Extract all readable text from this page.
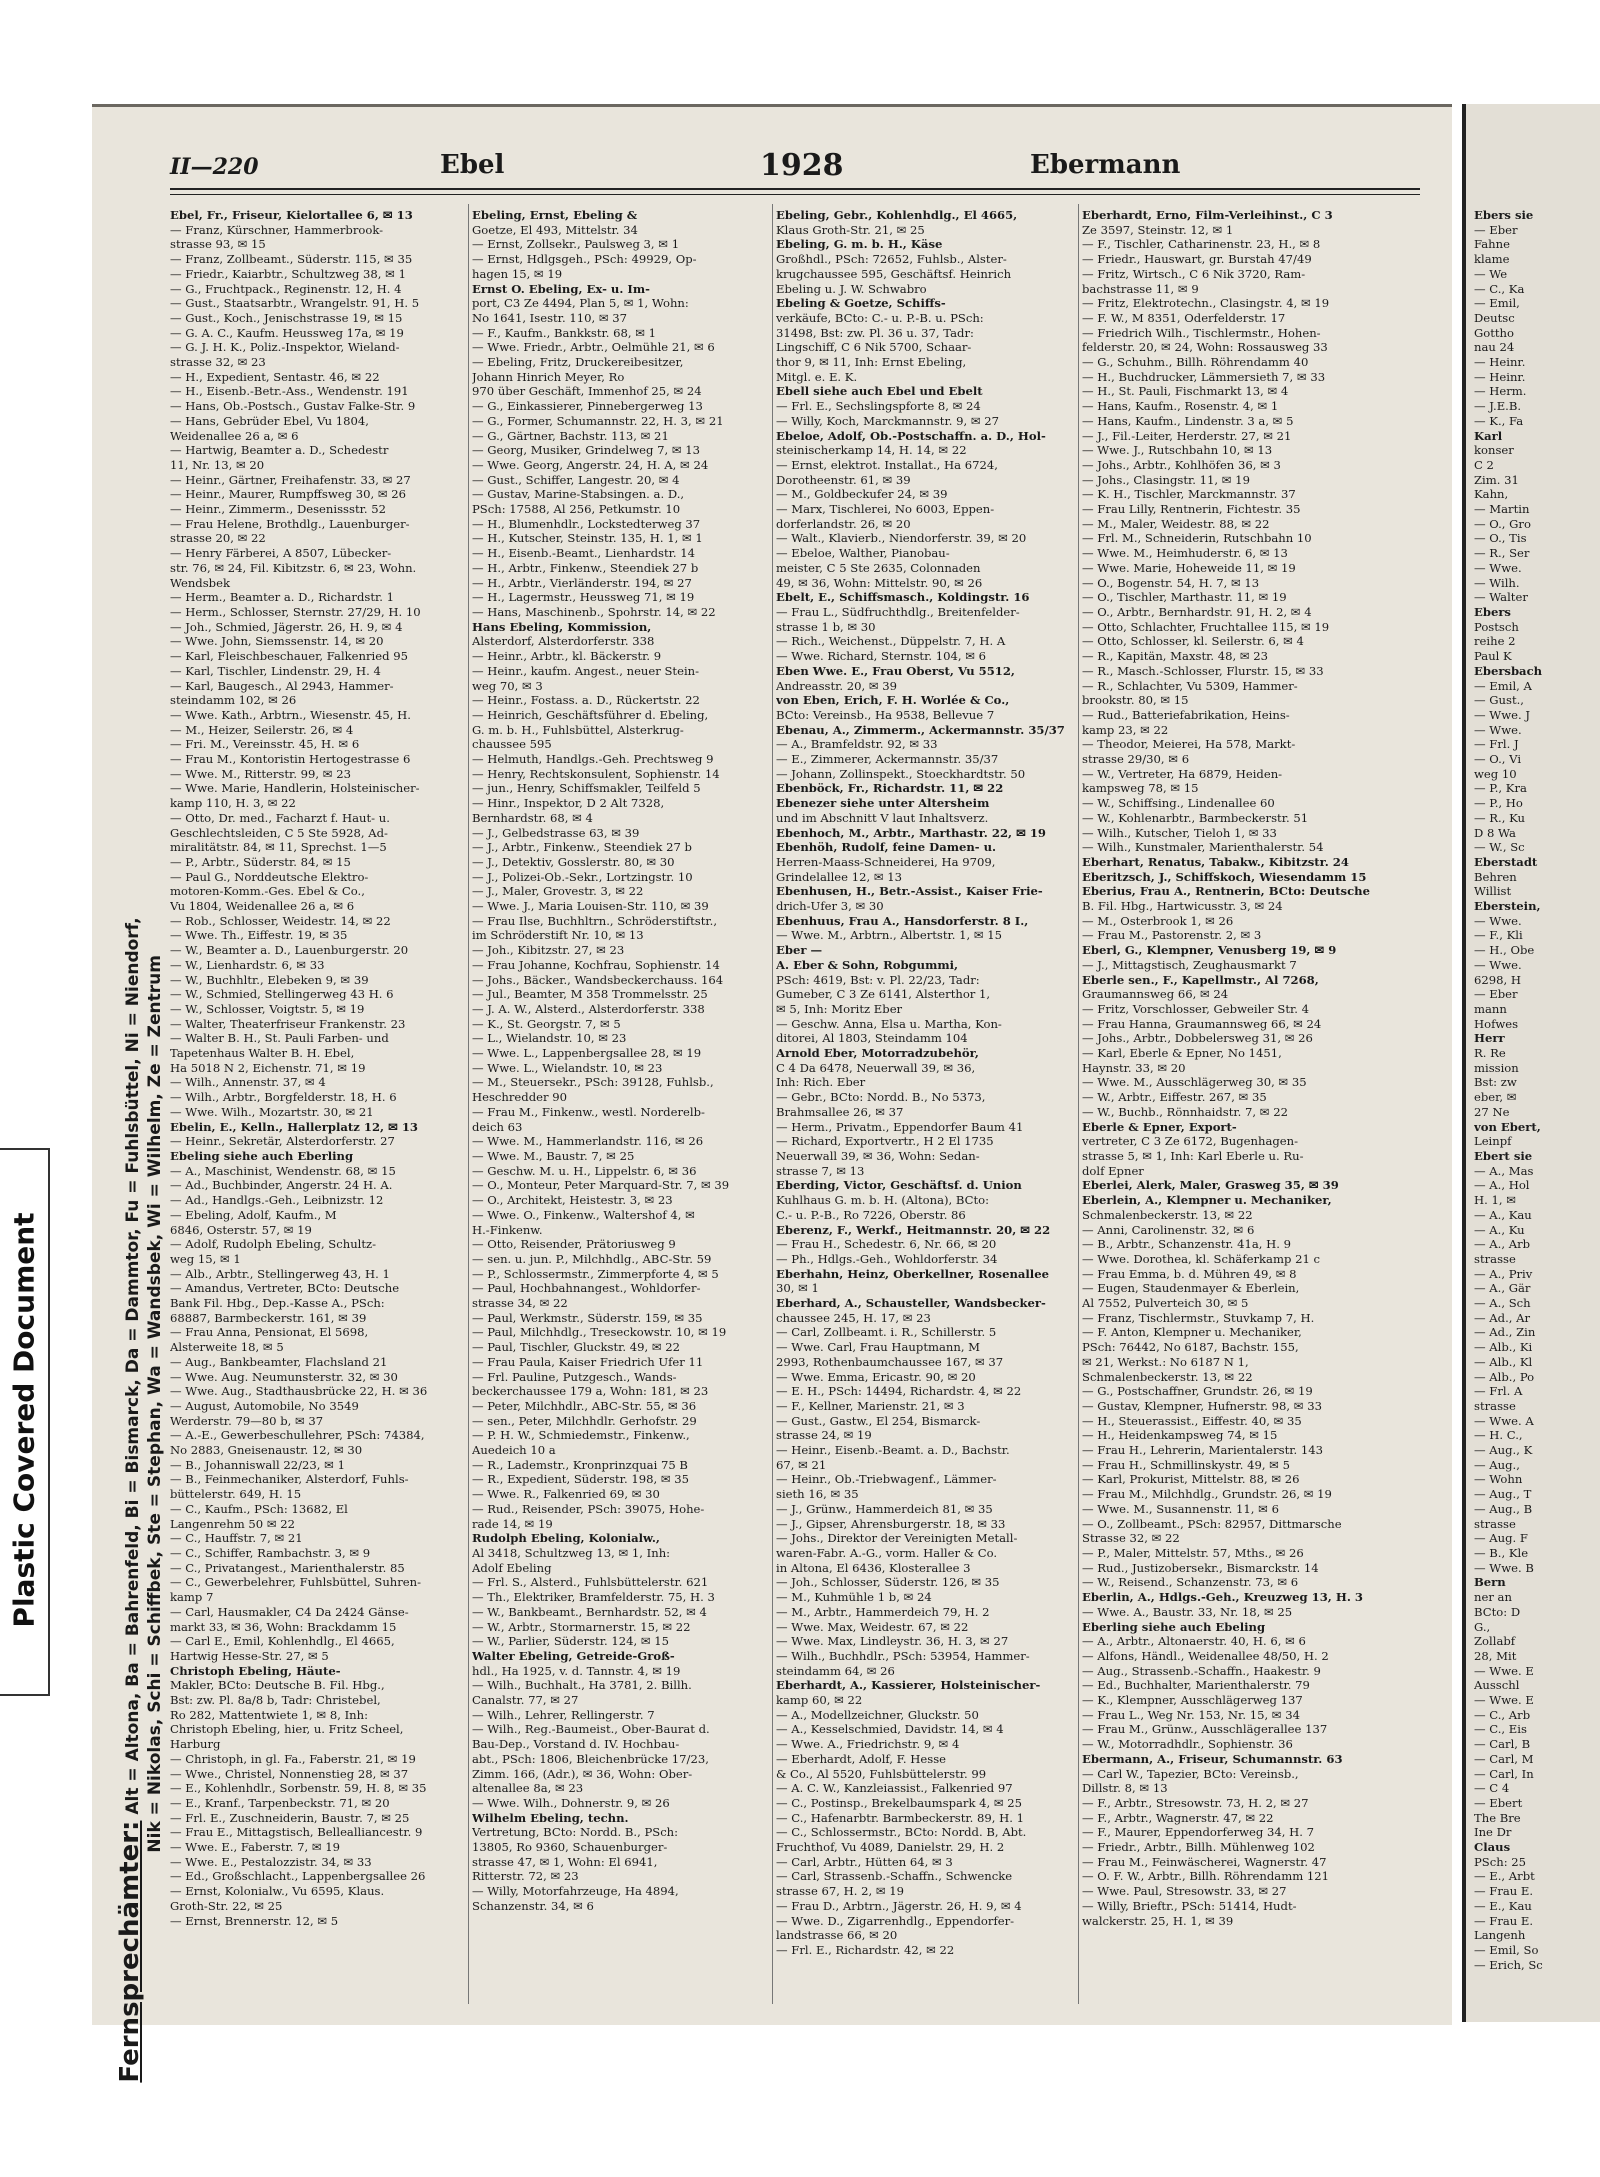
Plastic Covered Document
Ebers sie
— Eber
Fahne
klame
— We
— C., Ka
— Emil,
Deutsc
Gottho
nau 24
— Heinr.
— Heinr.
— Herm.
— J.E.B.
— K., Fa
Karl
konser
C 2
Zim. 31
Kahn,
— Martin
— O., Gro
— O., Tis
— R., Ser
— Wwe.
— Wilh.
— Walter
Ebers
Postsch
reihe 2
Paul K
Ebersbach
— Emil, A
— Gust.,
— Wwe. J
— Wwe.
— Frl. J
— O., Vi
weg 10
— P., Kra
— P., Ho
— R., Ku
D 8 Wa
— W., Sc
Eberstadt
Behren
Willist
Eberstein,
— Wwe.
— F., Kli
— H., Obe
— Wwe.
6298, H
— Eber
mann
Hofwes
Herr
R. Re
mission
Bst: zw
eber, ✉
27 Ne
von Ebert,
Leinpf
Ebert sie
— A., Mas
— A., Hol
H. 1, ✉
— A., Kau
— A., Ku
— A., Arb
strasse
— A., Priv
— A., Gär
— A., Sch
— Ad., Ar
— Ad., Zin
— Alb., Ki
— Alb., Kl
— Alb., Po
— Frl. A
strasse
— Wwe. A
— H. C.,
— Aug., K
— Aug.,
— Wohn
— Aug., T
— Aug., B
strasse
— Aug. F
— B., Kle
— Wwe. B
Bern
ner an
BCto: D
G.,
Zollabf
28, Mit
— Wwe. E
Ausschl
— Wwe. E
— C., Arb
— C., Eis
— Carl, B
— Carl, M
— Carl, In
— C 4
— Ebert
The Bre
Ine Dr
Claus
PSch: 25
— E., Arbt
— Frau E.
— E., Kau
— Frau E.
Langenh
— Emil, So
— Erich, Sc
II—220	Ebel	1928	Ebermann
Fernsprechämter: Alt = Altona, Ba = Bahrenfeld, Bi = Bismarck, Da = Dammtor, Fu = Fuhlsbüttel, Ni = Niendorf, Nik = Nikolas, Schi = Schiffbek, Ste = Stephan, Wa = Wandsbek, Wi = Wilhelm, Ze = Zentrum
Ebel, Fr., Friseur, Kielortallee 6, ✉ 13
— Franz, Kürschner, Hammerbrook-
strasse 93, ✉ 15
— Franz, Zollbeamt., Süderstr. 115, ✉ 35
— Friedr., Kaiarbtr., Schultzweg 38, ✉ 1
— G., Fruchtpack., Reginenstr. 12, H. 4
— Gust., Staatsarbtr., Wrangelstr. 91, H. 5
— Gust., Koch., Jenischstrasse 19, ✉ 15
— G. A. C., Kaufm. Heussweg 17a, ✉ 19
— G. J. H. K., Poliz.-Inspektor, Wieland-
strasse 32, ✉ 23
— H., Expedient, Sentastr. 46, ✉ 22
— H., Eisenb.-Betr.-Ass., Wendenstr. 191
— Hans, Ob.-Postsch., Gustav Falke-Str. 9
— Hans, Gebrüder Ebel, Vu 1804,
Weidenallee 26 a, ✉ 6
— Hartwig, Beamter a. D., Schedestr
11, Nr. 13, ✉ 20
— Heinr., Gärtner, Freihafenstr. 33, ✉ 27
— Heinr., Maurer, Rumpffsweg 30, ✉ 26
— Heinr., Zimmerm., Desenissstr. 52
— Frau Helene, Brothdlg., Lauenburger-
strasse 20, ✉ 22
— Henry Färberei, A 8507, Lübecker-
str. 76, ✉ 24, Fil. Kibitzstr. 6, ✉ 23, Wohn.
Wendsbek
— Herm., Beamter a. D., Richardstr. 1
— Herm., Schlosser, Sternstr. 27/29, H. 10
— Joh., Schmied, Jägerstr. 26, H. 9, ✉ 4
— Wwe. John, Siemssenstr. 14, ✉ 20
— Karl, Fleischbeschauer, Falkenried 95
— Karl, Tischler, Lindenstr. 29, H. 4
— Karl, Baugesch., Al 2943, Hammer-
steindamm 102, ✉ 26
— Wwe. Kath., Arbtrn., Wiesenstr. 45, H.
— M., Heizer, Seilerstr. 26, ✉ 4
— Fri. M., Vereinsstr. 45, H. ✉ 6
— Frau M., Kontoristin Hertogestrasse 6
— Wwe. M., Ritterstr. 99, ✉ 23
— Wwe. Marie, Handlerin, Holsteinischer-
kamp 110, H. 3, ✉ 22
— Otto, Dr. med., Facharzt f. Haut- u.
Geschlechtsleiden, C 5 Ste 5928, Ad-
miralitätstr. 84, ✉ 11, Sprechst. 1—5
— P., Arbtr., Süderstr. 84, ✉ 15
— Paul G., Norddeutsche Elektro-
motoren-Komm.-Ges. Ebel & Co.,
Vu 1804, Weidenallee 26 a, ✉ 6
— Rob., Schlosser, Weidestr. 14, ✉ 22
— Wwe. Th., Eiffestr. 19, ✉ 35
— W., Beamter a. D., Lauenburgerstr. 20
— W., Lienhardstr. 6, ✉ 33
— W., Buchhltr., Elebeken 9, ✉ 39
— W., Schmied, Stellingerweg 43 H. 6
— W., Schlosser, Voigtstr. 5, ✉ 19
— Walter, Theaterfriseur Frankenstr. 23
— Walter B. H., St. Pauli Farben- und
Tapetenhaus Walter B. H. Ebel,
Ha 5018 N 2, Eichenstr. 71, ✉ 19
— Wilh., Annenstr. 37, ✉ 4
— Wilh., Arbtr., Borgfelderstr. 18, H. 6
— Wwe. Wilh., Mozartstr. 30, ✉ 21
Ebelin, E., Kelln., Hallerplatz 12, ✉ 13
— Heinr., Sekretär, Alsterdorferstr. 27
Ebeling siehe auch Eberling
— A., Maschinist, Wendenstr. 68, ✉ 15
— Ad., Buchbinder, Angerstr. 24 H. A.
— Ad., Handlgs.-Geh., Leibnizstr. 12
— Ebeling, Adolf, Kaufm., M
6846, Osterstr. 57, ✉ 19
— Adolf, Rudolph Ebeling, Schultz-
weg 15, ✉ 1
— Alb., Arbtr., Stellingerweg 43, H. 1
— Amandus, Vertreter, BCto: Deutsche
Bank Fil. Hbg., Dep.-Kasse A., PSch:
68887, Barmbeckerstr. 161, ✉ 39
— Frau Anna, Pensionat, El 5698,
Alsterweite 18, ✉ 5
— Aug., Bankbeamter, Flachsland 21
— Wwe. Aug. Neumunsterstr. 32, ✉ 30
— Wwe. Aug., Stadthausbrücke 22, H. ✉ 36
— August, Automobile, No 3549
Werderstr. 79—80 b, ✉ 37
— A.-E., Gewerbeschullehrer, PSch: 74384,
No 2883, Gneisenaustr. 12, ✉ 30
— B., Johanniswall 22/23, ✉ 1
— B., Feinmechaniker, Alsterdorf, Fuhls-
büttelerstr. 649, H. 15
— C., Kaufm., PSch: 13682, El
Langenrehm 50 ✉ 22
— C., Hauffstr. 7, ✉ 21
— C., Schiffer, Rambachstr. 3, ✉ 9
— C., Privatangest., Marienthalerstr. 85
— C., Gewerbelehrer, Fuhlsbüttel, Suhren-
kamp 7
— Carl, Hausmakler, C4 Da 2424 Gänse-
markt 33, ✉ 36, Wohn: Brackdamm 15
— Carl E., Emil, Kohlenhdlg., El 4665,
Hartwig Hesse-Str. 27, ✉ 5
Christoph Ebeling, Häute-
Makler, BCto: Deutsche B. Fil. Hbg.,
Bst: zw. Pl. 8a/8 b, Tadr: Christebel,
Ro 282, Mattentwiete 1, ✉ 8, Inh:
Christoph Ebeling, hier, u. Fritz Scheel,
Harburg
— Christoph, in gl. Fa., Faberstr. 21, ✉ 19
— Wwe., Christel, Nonnenstieg 28, ✉ 37
— E., Kohlenhdlr., Sorbenstr. 59, H. 8, ✉ 35
— E., Kranf., Tarpenbeckstr. 71, ✉ 20
— Frl. E., Zuschneiderin, Baustr. 7, ✉ 25
— Frau E., Mittagstisch, Bellealliancestr. 9
— Wwe. E., Faberstr. 7, ✉ 19
— Wwe. E., Pestalozzistr. 34, ✉ 33
— Ed., Großschlacht., Lappenbergsallee 26
— Ernst, Kolonialw., Vu 6595, Klaus.
Groth-Str. 22, ✉ 25
— Ernst, Brennerstr. 12, ✉ 5
Ebeling, Ernst, Ebeling &
Goetze, El 493, Mittelstr. 34
— Ernst, Zollsekr., Paulsweg 3, ✉ 1
— Ernst, Hdlgsgeh., PSch: 49929, Op-
hagen 15, ✉ 19
Ernst O. Ebeling, Ex- u. Im-
port, C3 Ze 4494, Plan 5, ✉ 1, Wohn:
No 1641, Isestr. 110, ✉ 37
— F., Kaufm., Bankkstr. 68, ✉ 1
— Wwe. Friedr., Arbtr., Oelmühle 21, ✉ 6
— Ebeling, Fritz, Druckereibesitzer,
Johann Hinrich Meyer, Ro
970 über Geschäft, Immenhof 25, ✉ 24
— G., Einkassierer, Pinnebergerweg 13
— G., Former, Schumannstr. 22, H. 3, ✉ 21
— G., Gärtner, Bachstr. 113, ✉ 21
— Georg, Musiker, Grindelweg 7, ✉ 13
— Wwe. Georg, Angerstr. 24, H. A, ✉ 24
— Gust., Schiffer, Langestr. 20, ✉ 4
— Gustav, Marine-Stabsingen. a. D.,
PSch: 17588, Al 256, Petkumstr. 10
— H., Blumenhdlr., Lockstedterweg 37
— H., Kutscher, Steinstr. 135, H. 1, ✉ 1
— H., Eisenb.-Beamt., Lienhardstr. 14
— H., Arbtr., Finkenw., Steendiek 27 b
— H., Arbtr., Vierländerstr. 194, ✉ 27
— H., Lagermstr., Heussweg 71, ✉ 19
— Hans, Maschinenb., Spohrstr. 14, ✉ 22
Hans Ebeling, Kommission,
Alsterdorf, Alsterdorferstr. 338
— Heinr., Arbtr., kl. Bäckerstr. 9
— Heinr., kaufm. Angest., neuer Stein-
weg 70, ✉ 3
— Heinr., Fostass. a. D., Rückertstr. 22
— Heinrich, Geschäftsführer d. Ebeling,
G. m. b. H., Fuhlsbüttel, Alsterkrug-
chaussee 595
— Helmuth, Handlgs.-Geh. Prechtsweg 9
— Henry, Rechtskonsulent, Sophienstr. 14
— jun., Henry, Schiffsmakler, Teilfeld 5
— Hinr., Inspektor, D 2 Alt 7328,
Bernhardstr. 68, ✉ 4
— J., Gelbedstrasse 63, ✉ 39
— J., Arbtr., Finkenw., Steendiek 27 b
— J., Detektiv, Gosslerstr. 80, ✉ 30
— J., Polizei-Ob.-Sekr., Lortzingstr. 10
— J., Maler, Grovestr. 3, ✉ 22
— Wwe. J., Maria Louisen-Str. 110, ✉ 39
— Frau Ilse, Buchhltrn., Schröderstiftstr.,
im Schröderstift Nr. 10, ✉ 13
— Joh., Kibitzstr. 27, ✉ 23
— Frau Johanne, Kochfrau, Sophienstr. 14
— Johs., Bäcker., Wandsbeckerchauss. 164
— Jul., Beamter, M 358 Trommelsstr. 25
— J. A. W., Alsterd., Alsterdorferstr. 338
— K., St. Georgstr. 7, ✉ 5
— L., Wielandstr. 10, ✉ 23
— Wwe. L., Lappenbergsallee 28, ✉ 19
— Wwe. L., Wielandstr. 10, ✉ 23
— M., Steuersekr., PSch: 39128, Fuhlsb.,
Heschredder 90
— Frau M., Finkenw., westl. Norderelb-
deich 63
— Wwe. M., Hammerlandstr. 116, ✉ 26
— Wwe. M., Baustr. 7, ✉ 25
— Geschw. M. u. H., Lippelstr. 6, ✉ 36
— O., Monteur, Peter Marquard-Str. 7, ✉ 39
— O., Architekt, Heistestr. 3, ✉ 23
— Wwe. O., Finkenw., Waltershof 4, ✉
H.-Finkenw.
— Otto, Reisender, Prätoriusweg 9
— sen. u. jun. P., Milchhdlg., ABC-Str. 59
— P., Schlossermstr., Zimmerpforte 4, ✉ 5
— Paul, Hochbahnangest., Wohldorfer-
strasse 34, ✉ 22
— Paul, Werkmstr., Süderstr. 159, ✉ 35
— Paul, Milchhdlg., Treseckowstr. 10, ✉ 19
— Paul, Tischler, Gluckstr. 49, ✉ 22
— Frau Paula, Kaiser Friedrich Ufer 11
— Frl. Pauline, Putzgesch., Wands-
beckerchaussee 179 a, Wohn: 181, ✉ 23
— Peter, Milchhdlr., ABC-Str. 55, ✉ 36
— sen., Peter, Milchhdlr. Gerhofstr. 29
— P. H. W., Schmiedemstr., Finkenw.,
Auedeich 10 a
— R., Lademstr., Kronprinzquai 75 B
— R., Expedient, Süderstr. 198, ✉ 35
— Wwe. R., Falkenried 69, ✉ 30
— Rud., Reisender, PSch: 39075, Hohe-
rade 14, ✉ 19
Rudolph Ebeling, Kolonialw.,
Al 3418, Schultzweg 13, ✉ 1, Inh:
Adolf Ebeling
— Frl. S., Alsterd., Fuhlsbüttelerstr. 621
— Th., Elektriker, Bramfelderstr. 75, H. 3
— W., Bankbeamt., Bernhardstr. 52, ✉ 4
— W., Arbtr., Stormarnerstr. 15, ✉ 22
— W., Parlier, Süderstr. 124, ✉ 15
Walter Ebeling, Getreide-Groß-
hdl., Ha 1925, v. d. Tannstr. 4, ✉ 19
— Wilh., Buchhalt., Ha 3781, 2. Billh.
Canalstr. 77, ✉ 27
— Wilh., Lehrer, Rellingerstr. 7
— Wilh., Reg.-Baumeist., Ober-Baurat d.
Bau-Dep., Vorstand d. IV. Hochbau-
abt., PSch: 1806, Bleichenbrücke 17/23,
Zimm. 166, (Adr.), ✉ 36, Wohn: Ober-
altenallee 8a, ✉ 23
— Wwe. Wilh., Dohnerstr. 9, ✉ 26
Wilhelm Ebeling, techn.
Vertretung, BCto: Nordd. B., PSch:
13805, Ro 9360, Schauenburger-
strasse 47, ✉ 1, Wohn: El 6941,
Ritterstr. 72, ✉ 23
— Willy, Motorfahrzeuge, Ha 4894,
Schanzenstr. 34, ✉ 6
Ebeling, Gebr., Kohlenhdlg., El 4665,
Klaus Groth-Str. 21, ✉ 25
Ebeling, G. m. b. H., Käse
Großhdl., PSch: 72652, Fuhlsb., Alster-
krugchaussee 595, Geschäftsf. Heinrich
Ebeling u. J. W. Schwabro
Ebeling & Goetze, Schiffs-
verkäufe, BCto: C.- u. P.-B. u. PSch:
31498, Bst: zw. Pl. 36 u. 37, Tadr:
Lingschiff, C 6 Nik 5700, Schaar-
thor 9, ✉ 11, Inh: Ernst Ebeling,
Mitgl. e. E. K.
Ebell siehe auch Ebel und Ebelt
— Frl. E., Sechslingspforte 8, ✉ 24
— Willy, Koch, Marckmannstr. 9, ✉ 27
Ebeloe, Adolf, Ob.-Postschaffn. a. D., Hol-
steinischerkamp 14, H. 14, ✉ 22
— Ernst, elektrot. Installat., Ha 6724,
Dorotheenstr. 61, ✉ 39
— M., Goldbeckufer 24, ✉ 39
— Marx, Tischlerei, No 6003, Eppen-
dorferlandstr. 26, ✉ 20
— Walt., Klavierb., Niendorferstr. 39, ✉ 20
— Ebeloe, Walther, Pianobau-
meister, C 5 Ste 2635, Colonnaden
49, ✉ 36, Wohn: Mittelstr. 90, ✉ 26
Ebelt, E., Schiffsmasch., Koldingstr. 16
— Frau L., Südfruchthdlg., Breitenfelder-
strasse 1 b, ✉ 30
— Rich., Weichenst., Düppelstr. 7, H. A
— Wwe. Richard, Sternstr. 104, ✉ 6
Eben Wwe. E., Frau Oberst, Vu 5512,
Andreasstr. 20, ✉ 39
von Eben, Erich, F. H. Worlée & Co.,
BCto: Vereinsb., Ha 9538, Bellevue 7
Ebenau, A., Zimmerm., Ackermannstr. 35/37
— A., Bramfeldstr. 92, ✉ 33
— E., Zimmerer, Ackermannstr. 35/37
— Johann, Zollinspekt., Stoeckhardtstr. 50
Ebenböck, Fr., Richardstr. 11, ✉ 22
Ebenezer siehe unter Altersheim
und im Abschnitt V laut Inhaltsverz.
Ebenhoch, M., Arbtr., Marthastr. 22, ✉ 19
Ebenhöh, Rudolf, feine Damen- u.
Herren-Maass-Schneiderei, Ha 9709,
Grindelallee 12, ✉ 13
Ebenhusen, H., Betr.-Assist., Kaiser Frie-
drich-Ufer 3, ✉ 30
Ebenhuus, Frau A., Hansdorferstr. 8 I.,
— Wwe. M., Arbtrn., Albertstr. 1, ✉ 15
Eber —
A. Eber & Sohn, Robgummi,
PSch: 4619, Bst: v. Pl. 22/23, Tadr:
Gumeber, C 3 Ze 6141, Alsterthor 1,
✉ 5, Inh: Moritz Eber
— Geschw. Anna, Elsa u. Martha, Kon-
ditorei, Al 1803, Steindamm 104
Arnold Eber, Motorradzubehör,
C 4 Da 6478, Neuerwall 39, ✉ 36,
Inh: Rich. Eber
— Gebr., BCto: Nordd. B., No 5373,
Brahmsallee 26, ✉ 37
— Herm., Privatm., Eppendorfer Baum 41
— Richard, Exportvertr., H 2 El 1735
Neuerwall 39, ✉ 36, Wohn: Sedan-
strasse 7, ✉ 13
Eberding, Victor, Geschäftsf. d. Union
Kuhlhaus G. m. b. H. (Altona), BCto:
C.- u. P.-B., Ro 7226, Oberstr. 86
Eberenz, F., Werkf., Heitmannstr. 20, ✉ 22
— Frau H., Schedestr. 6, Nr. 66, ✉ 20
— Ph., Hdlgs.-Geh., Wohldorferstr. 34
Eberhahn, Heinz, Oberkellner, Rosenallee
30, ✉ 1
Eberhard, A., Schausteller, Wandsbecker-
chaussee 245, H. 17, ✉ 23
— Carl, Zollbeamt. i. R., Schillerstr. 5
— Wwe. Carl, Frau Hauptmann, M
2993, Rothenbaumchaussee 167, ✉ 37
— Wwe. Emma, Ericastr. 90, ✉ 20
— E. H., PSch: 14494, Richardstr. 4, ✉ 22
— F., Kellner, Marienstr. 21, ✉ 3
— Gust., Gastw., El 254, Bismarck-
strasse 24, ✉ 19
— Heinr., Eisenb.-Beamt. a. D., Bachstr.
67, ✉ 21
— Heinr., Ob.-Triebwagenf., Lämmer-
sieth 16, ✉ 35
— J., Grünw., Hammerdeich 81, ✉ 35
— J., Gipser, Ahrensburgerstr. 18, ✉ 33
— Johs., Direktor der Vereinigten Metall-
waren-Fabr. A.-G., vorm. Haller & Co.
in Altona, El 6436, Klosterallee 3
— Joh., Schlosser, Süderstr. 126, ✉ 35
— M., Kuhmühle 1 b, ✉ 24
— M., Arbtr., Hammerdeich 79, H. 2
— Wwe. Max, Weidestr. 67, ✉ 22
— Wwe. Max, Lindleystr. 36, H. 3, ✉ 27
— Wilh., Buchhdlr., PSch: 53954, Hammer-
steindamm 64, ✉ 26
Eberhardt, A., Kassierer, Holsteinischer-
kamp 60, ✉ 22
— A., Modellzeichner, Gluckstr. 50
— A., Kesselschmied, Davidstr. 14, ✉ 4
— Wwe. A., Friedrichstr. 9, ✉ 4
— Eberhardt, Adolf, F. Hesse
& Co., Al 5520, Fuhlsbüttelerstr. 99
— A. C. W., Kanzleiassist., Falkenried 97
— C., Postinsp., Brekelbaumspark 4, ✉ 25
— C., Hafenarbtr. Barmbeckerstr. 89, H. 1
— C., Schlossermstr., BCto: Nordd. B, Abt.
Fruchthof, Vu 4089, Danielstr. 29, H. 2
— Carl, Arbtr., Hütten 64, ✉ 3
— Carl, Strassenb.-Schaffn., Schwencke
strasse 67, H. 2, ✉ 19
— Frau D., Arbtrn., Jägerstr. 26, H. 9, ✉ 4
— Wwe. D., Zigarrenhdlg., Eppendorfer-
landstrasse 66, ✉ 20
— Frl. E., Richardstr. 42, ✉ 22
Eberhardt, Erno, Film-Verleihinst., C 3
Ze 3597, Steinstr. 12, ✉ 1
— F., Tischler, Catharinenstr. 23, H., ✉ 8
— Friedr., Hauswart, gr. Burstah 47/49
— Fritz, Wirtsch., C 6 Nik 3720, Ram-
bachstrasse 11, ✉ 9
— Fritz, Elektrotechn., Clasingstr. 4, ✉ 19
— F. W., M 8351, Oderfelderstr. 17
— Friedrich Wilh., Tischlermstr., Hohen-
felderstr. 20, ✉ 24, Wohn: Rossausweg 33
— G., Schuhm., Billh. Röhrendamm 40
— H., Buchdrucker, Lämmersieth 7, ✉ 33
— H., St. Pauli, Fischmarkt 13, ✉ 4
— Hans, Kaufm., Rosenstr. 4, ✉ 1
— Hans, Kaufm., Lindenstr. 3 a, ✉ 5
— J., Fil.-Leiter, Herderstr. 27, ✉ 21
— Wwe. J., Rutschbahn 10, ✉ 13
— Johs., Arbtr., Kohlhöfen 36, ✉ 3
— Johs., Clasingstr. 11, ✉ 19
— K. H., Tischler, Marckmannstr. 37
— Frau Lilly, Rentnerin, Fichtestr. 35
— M., Maler, Weidestr. 88, ✉ 22
— Frl. M., Schneiderin, Rutschbahn 10
— Wwe. M., Heimhuderstr. 6, ✉ 13
— Wwe. Marie, Hoheweide 11, ✉ 19
— O., Bogenstr. 54, H. 7, ✉ 13
— O., Tischler, Marthastr. 11, ✉ 19
— O., Arbtr., Bernhardstr. 91, H. 2, ✉ 4
— Otto, Schlachter, Fruchtallee 115, ✉ 19
— Otto, Schlosser, kl. Seilerstr. 6, ✉ 4
— R., Kapitän, Maxstr. 48, ✉ 23
— R., Masch.-Schlosser, Flurstr. 15, ✉ 33
— R., Schlachter, Vu 5309, Hammer-
brookstr. 80, ✉ 15
— Rud., Batteriefabrikation, Heins-
kamp 23, ✉ 22
— Theodor, Meierei, Ha 578, Markt-
strasse 29/30, ✉ 6
— W., Vertreter, Ha 6879, Heiden-
kampsweg 78, ✉ 15
— W., Schiffsing., Lindenallee 60
— W., Kohlenarbtr., Barmbeckerstr. 51
— Wilh., Kutscher, Tieloh 1, ✉ 33
— Wilh., Kunstmaler, Marienthalerstr. 54
Eberhart, Renatus, Tabakw., Kibitzstr. 24
Eberitzsch, J., Schiffskoch, Wiesendamm 15
Eberius, Frau A., Rentnerin, BCto: Deutsche
B. Fil. Hbg., Hartwicusstr. 3, ✉ 24
— M., Osterbrook 1, ✉ 26
— Frau M., Pastorenstr. 2, ✉ 3
Eberl, G., Klempner, Venusberg 19, ✉ 9
— J., Mittagstisch, Zeughausmarkt 7
Eberle sen., F., Kapellmstr., Al 7268,
Graumannsweg 66, ✉ 24
— Fritz, Vorschlosser, Gebweiler Str. 4
— Frau Hanna, Graumannsweg 66, ✉ 24
— Johs., Arbtr., Dobbelersweg 31, ✉ 26
— Karl, Eberle & Epner, No 1451,
Haynstr. 33, ✉ 20
— Wwe. M., Ausschlägerweg 30, ✉ 35
— W., Arbtr., Eiffestr. 267, ✉ 35
— W., Buchb., Rönnhaidstr. 7, ✉ 22
Eberle & Epner, Export-
vertreter, C 3 Ze 6172, Bugenhagen-
strasse 5, ✉ 1, Inh: Karl Eberle u. Ru-
dolf Epner
Eberlei, Alerk, Maler, Grasweg 35, ✉ 39
Eberlein, A., Klempner u. Mechaniker,
Schmalenbeckerstr. 13, ✉ 22
— Anni, Carolinenstr. 32, ✉ 6
— B., Arbtr., Schanzenstr. 41a, H. 9
— Wwe. Dorothea, kl. Schäferkamp 21 c
— Frau Emma, b. d. Mühren 49, ✉ 8
— Eugen, Staudenmayer & Eberlein,
Al 7552, Pulverteich 30, ✉ 5
— Franz, Tischlermstr., Stuvkamp 7, H.
— F. Anton, Klempner u. Mechaniker,
PSch: 76442, No 6187, Bachstr. 155,
✉ 21, Werkst.: No 6187 N 1,
Schmalenbeckerstr. 13, ✉ 22
— G., Postschaffner, Grundstr. 26, ✉ 19
— Gustav, Klempner, Hufnerstr. 98, ✉ 33
— H., Steuerassist., Eiffestr. 40, ✉ 35
— H., Heidenkampsweg 74, ✉ 15
— Frau H., Lehrerin, Marientalerstr. 143
— Frau H., Schmillinskystr. 49, ✉ 5
— Karl, Prokurist, Mittelstr. 88, ✉ 26
— Frau M., Milchhdlg., Grundstr. 26, ✉ 19
— Wwe. M., Susannenstr. 11, ✉ 6
— O., Zollbeamt., PSch: 82957, Dittmarsche
Strasse 32, ✉ 22
— P., Maler, Mittelstr. 57, Mths., ✉ 26
— Rud., Justizobersekr., Bismarckstr. 14
— W., Reisend., Schanzenstr. 73, ✉ 6
Eberlin, A., Hdlgs.-Geh., Kreuzweg 13, H. 3
— Wwe. A., Baustr. 33, Nr. 18, ✉ 25
Eberling siehe auch Ebeling
— A., Arbtr., Altonaerstr. 40, H. 6, ✉ 6
— Alfons, Händl., Weidenallee 48/50, H. 2
— Aug., Strassenb.-Schaffn., Haakestr. 9
— Ed., Buchhalter, Marienthalerstr. 79
— K., Klempner, Ausschlägerweg 137
— Frau L., Weg Nr. 153, Nr. 15, ✉ 34
— Frau M., Grünw., Ausschlägerallee 137
— W., Motorradhdlr., Sophienstr. 36
Ebermann, A., Friseur, Schumannstr. 63
— Carl W., Tapezier, BCto: Vereinsb.,
Dillstr. 8, ✉ 13
— F., Arbtr., Stresowstr. 73, H. 2, ✉ 27
— F., Arbtr., Wagnerstr. 47, ✉ 22
— F., Maurer, Eppendorferweg 34, H. 7
— Friedr., Arbtr., Billh. Mühlenweg 102
— Frau M., Feinwäscherei, Wagnerstr. 47
— O. F. W., Arbtr., Billh. Röhrendamm 121
— Wwe. Paul, Stresowstr. 33, ✉ 27
— Willy, Brieftr., PSch: 51414, Hudt-
walckerstr. 25, H. 1, ✉ 39
